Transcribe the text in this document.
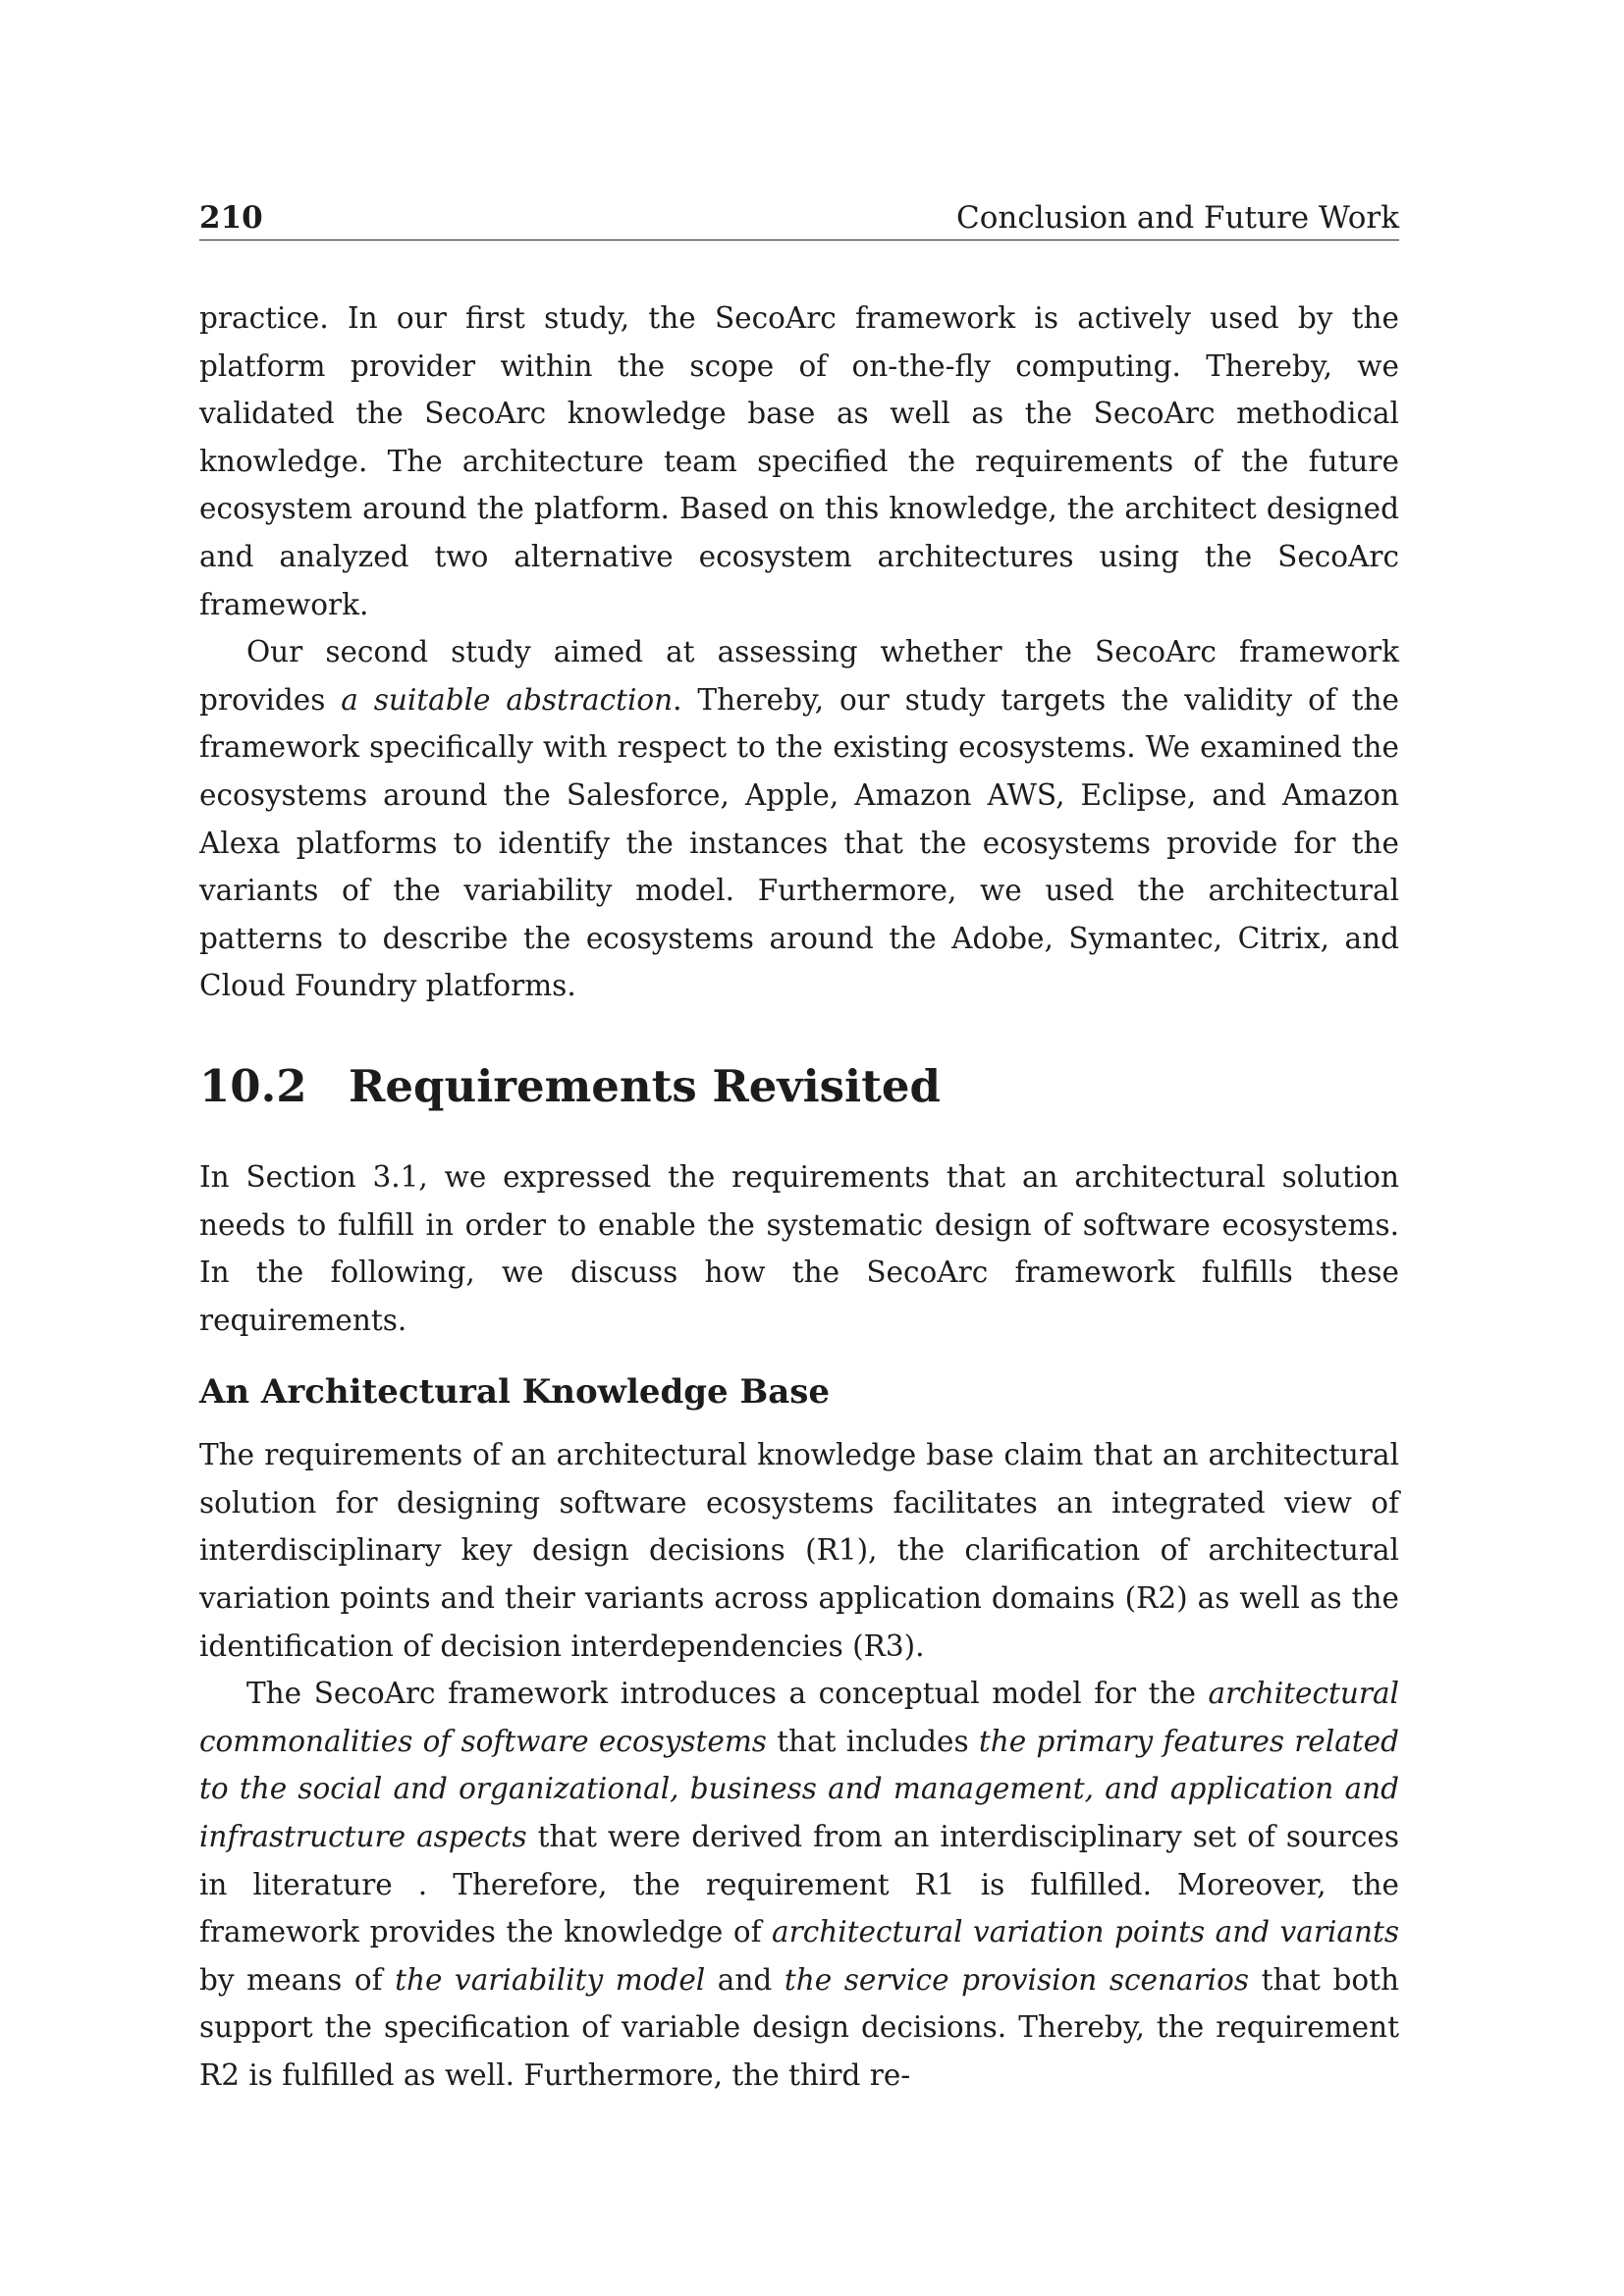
210	Conclusion and Future Work

practice. In our first study, the SecoArc framework is actively used by the platform provider within the scope of on-the-fly computing. Thereby, we validated the SecoArc knowledge base as well as the SecoArc methodical knowledge. The architecture team specified the requirements of the future ecosystem around the platform. Based on this knowledge, the architect designed and analyzed two alternative ecosystem architectures using the SecoArc framework.

Our second study aimed at assessing whether the SecoArc framework provides a suitable abstraction. Thereby, our study targets the validity of the framework specifically with respect to the existing ecosystems. We examined the ecosystems around the Salesforce, Apple, Amazon AWS, Eclipse, and Amazon Alexa platforms to identify the instances that the ecosystems provide for the variants of the variability model. Furthermore, we used the architectural patterns to describe the ecosystems around the Adobe, Symantec, Citrix, and Cloud Foundry platforms.

10.2 Requirements Revisited

In Section 3.1, we expressed the requirements that an architectural solution needs to fulfill in order to enable the systematic design of software ecosystems. In the following, we discuss how the SecoArc framework fulfills these requirements.

An Architectural Knowledge Base

The requirements of an architectural knowledge base claim that an architectural solution for designing software ecosystems facilitates an integrated view of interdisciplinary key design decisions (R1), the clarification of architectural variation points and their variants across application domains (R2) as well as the identification of decision interdependencies (R3).

The SecoArc framework introduces a conceptual model for the architectural commonalities of software ecosystems that includes the primary features related to the social and organizational, business and management, and application and infrastructure aspects that were derived from an interdisciplinary set of sources in literature . Therefore, the requirement R1 is fulfilled. Moreover, the framework provides the knowledge of architectural variation points and variants by means of the variability model and the service provision scenarios that both support the specification of variable design decisions. Thereby, the requirement R2 is fulfilled as well. Furthermore, the third re-
